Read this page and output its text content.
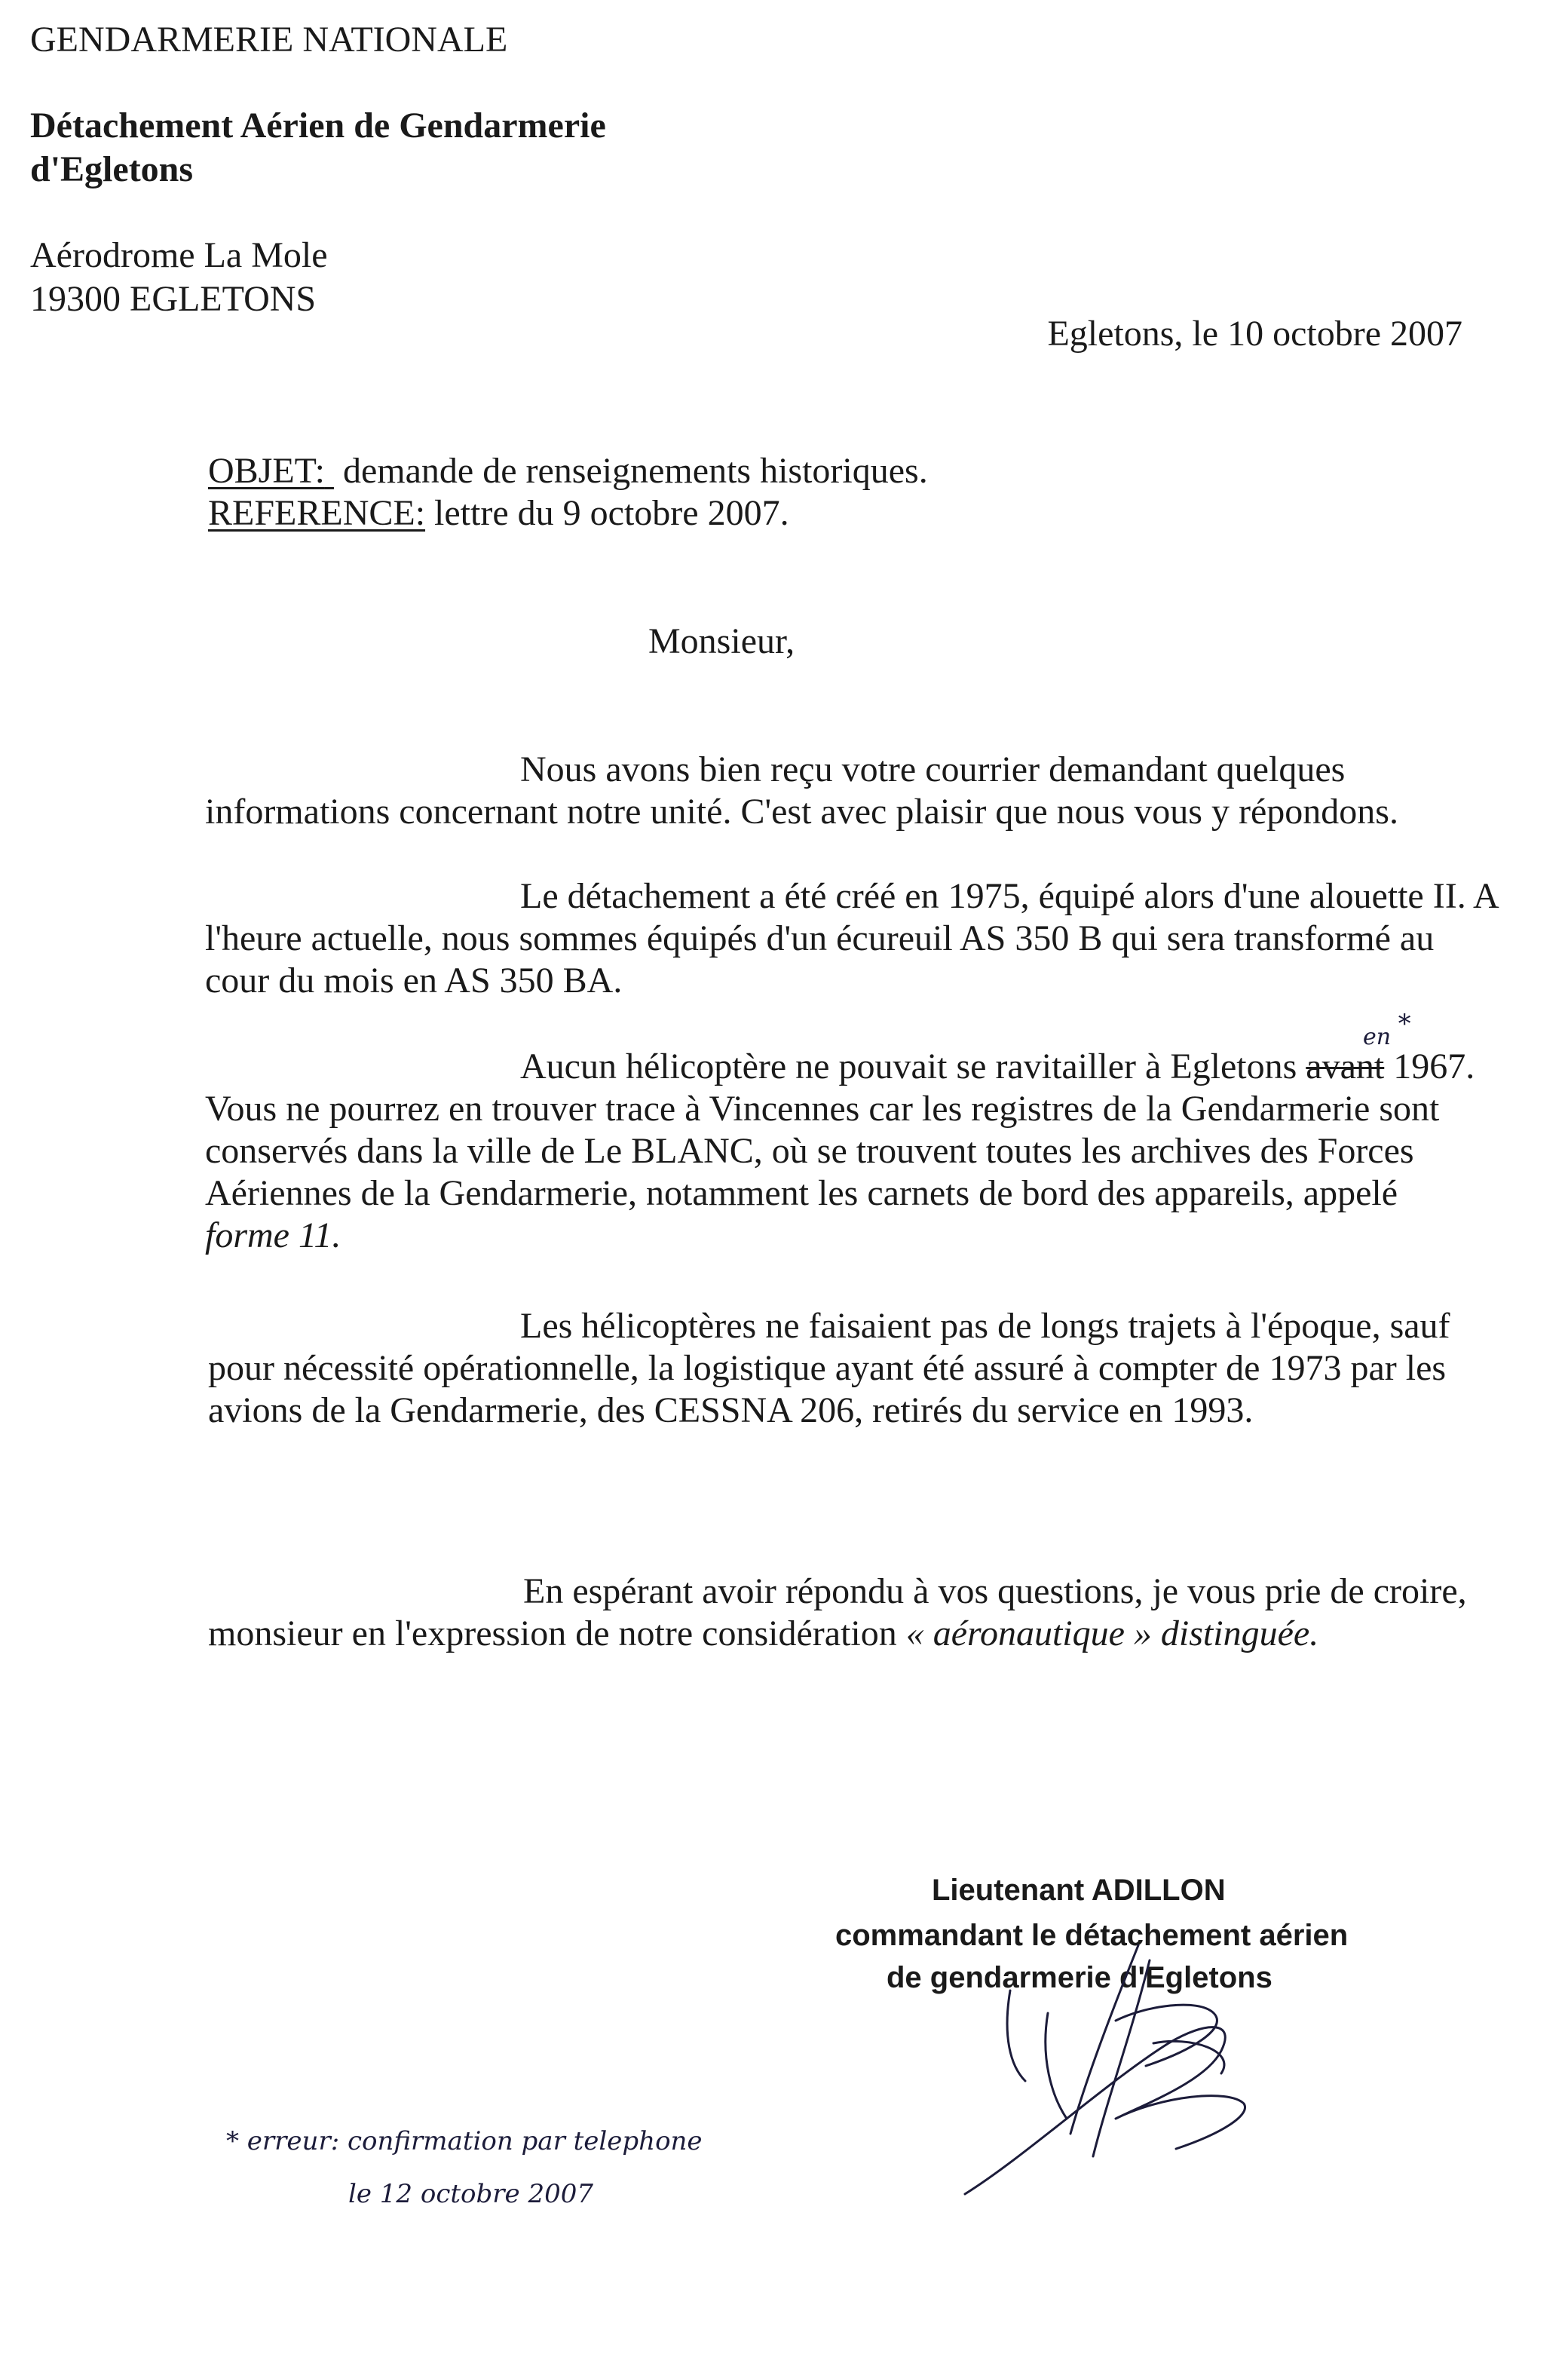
GENDARMERIE NATIONALE
Détachement Aérien de Gendarmerie
d'Egletons
Aérodrome La Mole
19300 EGLETONS
Egletons, le 10 octobre 2007
OBJET: demande de renseignements historiques.
REFERENCE: lettre du 9 octobre 2007.
Monsieur,
Nous avons bien reçu votre courrier demandant quelques
informations concernant notre unité. C'est avec plaisir que nous vous y répondons.
Le détachement a été créé en 1975, équipé alors d'une alouette II. A
l'heure actuelle, nous sommes équipés d'un écureuil AS 350 B qui sera transformé au
cour du mois en AS 350 BA.
en *
Aucun hélicoptère ne pouvait se ravitailler à Egletons avant 1967.
Vous ne pourrez en trouver trace à Vincennes car les registres de la Gendarmerie sont
conservés dans la ville de Le BLANC, où se trouvent toutes les archives des Forces
Aériennes de la Gendarmerie, notamment les carnets de bord des appareils, appelé
forme 11.
Les hélicoptères ne faisaient pas de longs trajets à l'époque, sauf
pour nécessité opérationnelle, la logistique ayant été assuré à compter de 1973 par les
avions de la Gendarmerie, des CESSNA 206, retirés du service en 1993.
En espérant avoir répondu à vos questions, je vous prie de croire,
monsieur en l'expression de notre considération « aéronautique » distinguée.
Lieutenant ADILLON
commandant le détachement aérien
de gendarmerie d'Egletons
* erreur: confirmation par telephone
le 12 octobre 2007
